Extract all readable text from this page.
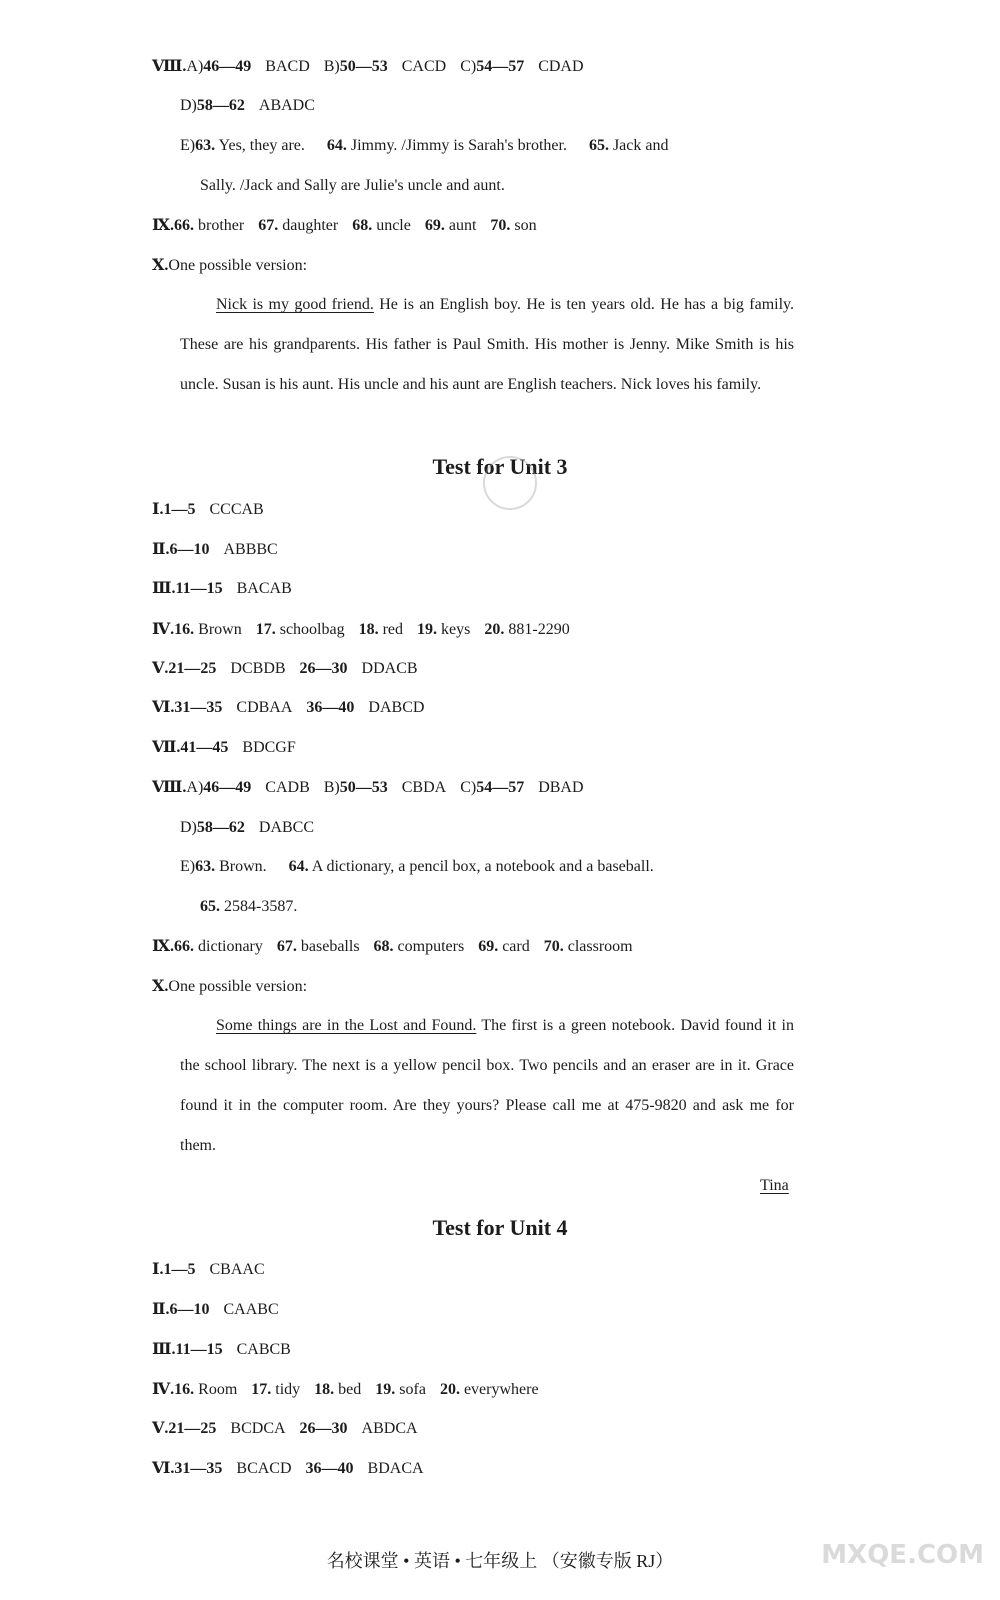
Ⅷ.A)46—49 BACD B)50—53 CACD C)54—57 CDAD
D)58—62 ABADC
E)63. Yes, they are. 64. Jimmy. /Jimmy is Sarah's brother. 65. Jack and
Sally. /Jack and Sally are Julie's uncle and aunt.
Ⅸ.66. brother 67. daughter 68. uncle 69. aunt 70. son
Ⅹ.One possible version:
Nick is my good friend. He is an English boy. He is ten years old. He has a big family. These are his grandparents. His father is Paul Smith. His mother is Jenny. Mike Smith is his uncle. Susan is his aunt. His uncle and his aunt are English teachers. Nick loves his family.
Test for Unit 3
Ⅰ.1—5 CCCAB
Ⅱ.6—10 ABBBC
Ⅲ.11—15 BACAB
Ⅳ.16. Brown 17. schoolbag 18. red 19. keys 20. 881-2290
Ⅴ.21—25 DCBDB 26—30 DDACB
Ⅵ.31—35 CDBAA 36—40 DABCD
Ⅶ.41—45 BDCGF
Ⅷ.A)46—49 CADB B)50—53 CBDA C)54—57 DBAD
D)58—62 DABCC
E)63. Brown. 64. A dictionary, a pencil box, a notebook and a baseball.
65. 2584-3587.
Ⅸ.66. dictionary 67. baseballs 68. computers 69. card 70. classroom
Ⅹ.One possible version:
Some things are in the Lost and Found. The first is a green notebook. David found it in the school library. The next is a yellow pencil box. Two pencils and an eraser are in it. Grace found it in the computer room. Are they yours? Please call me at 475-9820 and ask me for them.
Tina
Test for Unit 4
Ⅰ.1—5 CBAAC
Ⅱ.6—10 CAABC
Ⅲ.11—15 CABCB
Ⅳ.16. Room 17. tidy 18. bed 19. sofa 20. everywhere
Ⅴ.21—25 BCDCA 26—30 ABDCA
Ⅵ.31—35 BCACD 36—40 BDACA
名校课堂 • 英语 • 七年级上 （安徽专版 RJ）	MXQE.COM
